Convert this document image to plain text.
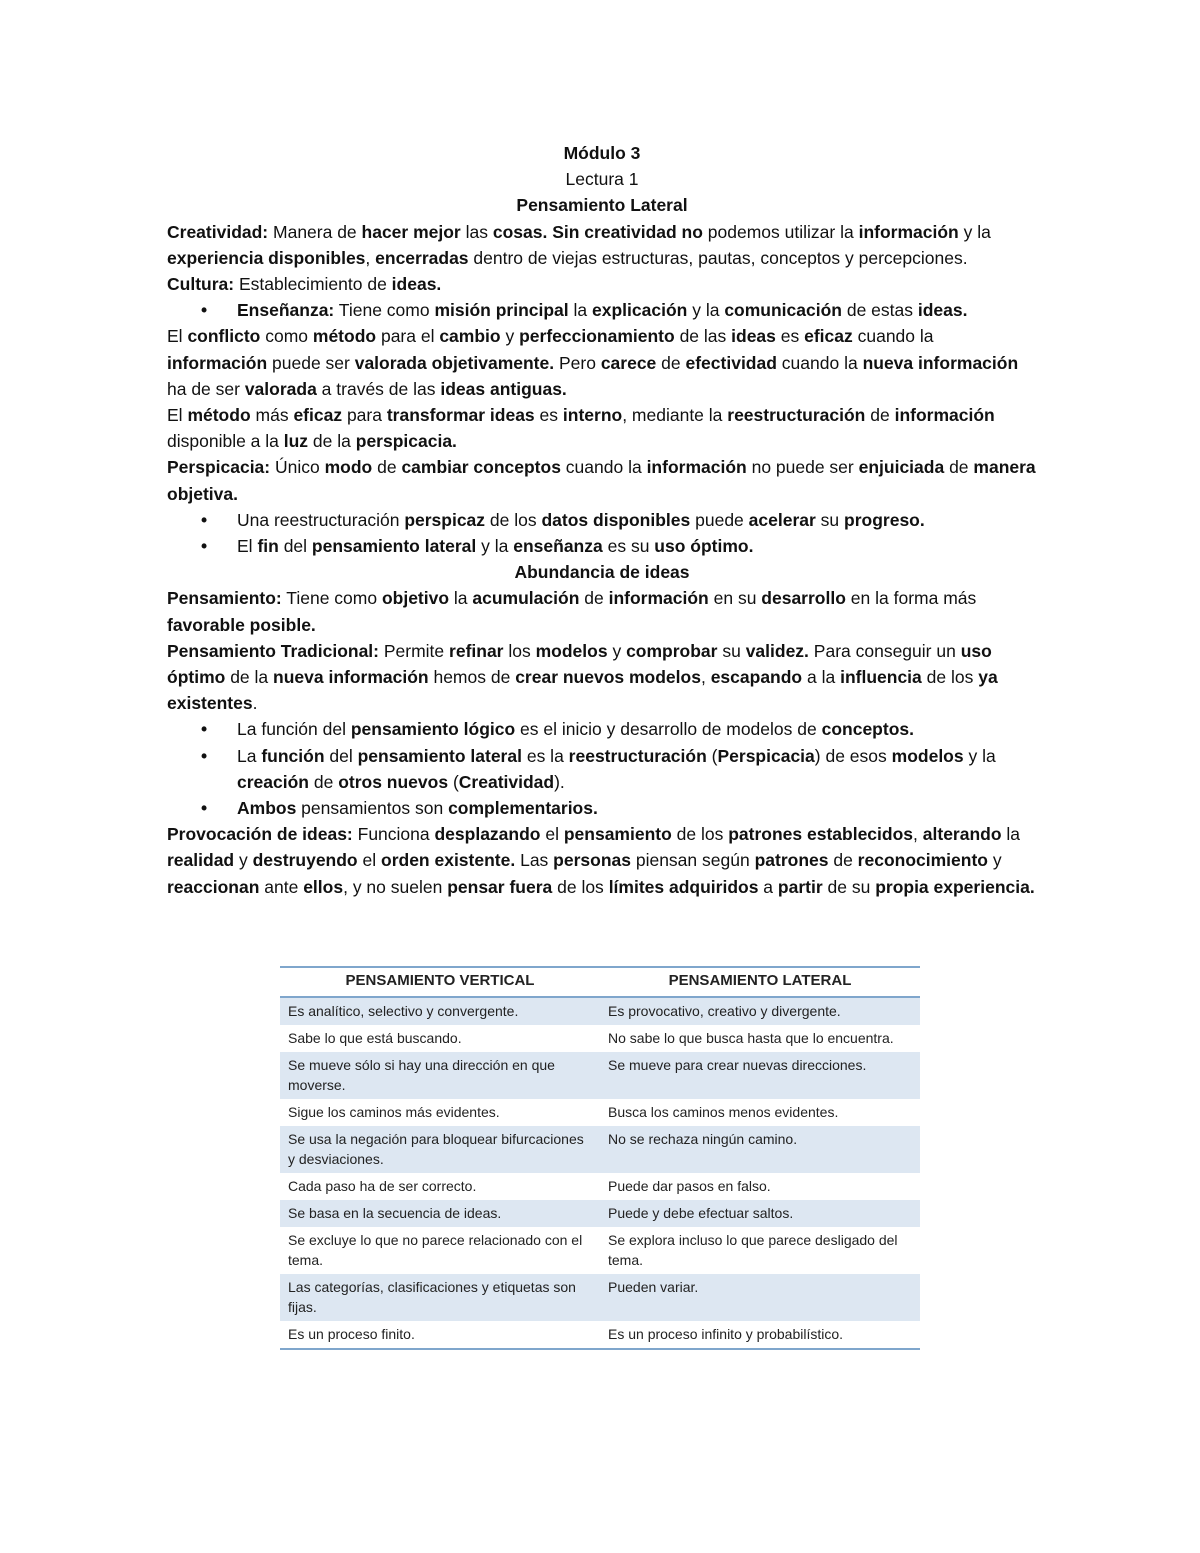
Módulo 3

Lectura 1

Pensamiento Lateral

Creatividad: Manera de hacer mejor las cosas. Sin creatividad no podemos utilizar la información y la experiencia disponibles, encerradas dentro de viejas estructuras, pautas, conceptos y percepciones.

Cultura: Establecimiento de ideas.

• Enseñanza: Tiene como misión principal la explicación y la comunicación de estas ideas.

El conflicto como método para el cambio y perfeccionamiento de las ideas es eficaz cuando la información puede ser valorada objetivamente. Pero carece de efectividad cuando la nueva información ha de ser valorada a través de las ideas antiguas.

El método más eficaz para transformar ideas es interno, mediante la reestructuración de información disponible a la luz de la perspicacia.

Perspicacia: Único modo de cambiar conceptos cuando la información no puede ser enjuiciada de manera objetiva.

• Una reestructuración perspicaz de los datos disponibles puede acelerar su progreso.
• El fin del pensamiento lateral y la enseñanza es su uso óptimo.

Abundancia de ideas

Pensamiento: Tiene como objetivo la acumulación de información en su desarrollo en la forma más favorable posible.

Pensamiento Tradicional: Permite refinar los modelos y comprobar su validez. Para conseguir un uso óptimo de la nueva información hemos de crear nuevos modelos, escapando a la influencia de los ya existentes.

• La función del pensamiento lógico es el inicio y desarrollo de modelos de conceptos.
• La función del pensamiento lateral es la reestructuración (Perspicacia) de esos modelos y la creación de otros nuevos (Creatividad).
• Ambos pensamientos son complementarios.

Provocación de ideas: Funciona desplazando el pensamiento de los patrones establecidos, alterando la realidad y destruyendo el orden existente. Las personas piensan según patrones de reconocimiento y reaccionan ante ellos, y no suelen pensar fuera de los límites adquiridos a partir de su propia experiencia.

PENSAMIENTO VERTICAL	PENSAMIENTO LATERAL
Es analítico, selectivo y convergente.	Es provocativo, creativo y divergente.
Sabe lo que está buscando.	No sabe lo que busca hasta que lo encuentra.
Se mueve sólo si hay una dirección en que moverse.	Se mueve para crear nuevas direcciones.
Sigue los caminos más evidentes.	Busca los caminos menos evidentes.
Se usa la negación para bloquear bifurcaciones y desviaciones.	No se rechaza ningún camino.
Cada paso ha de ser correcto.	Puede dar pasos en falso.
Se basa en la secuencia de ideas.	Puede y debe efectuar saltos.
Se excluye lo que no parece relacionado con el tema.	Se explora incluso lo que parece desligado del tema.
Las categorías, clasificaciones y etiquetas son fijas.	Pueden variar.
Es un proceso finito.	Es un proceso infinito y probabilístico.
